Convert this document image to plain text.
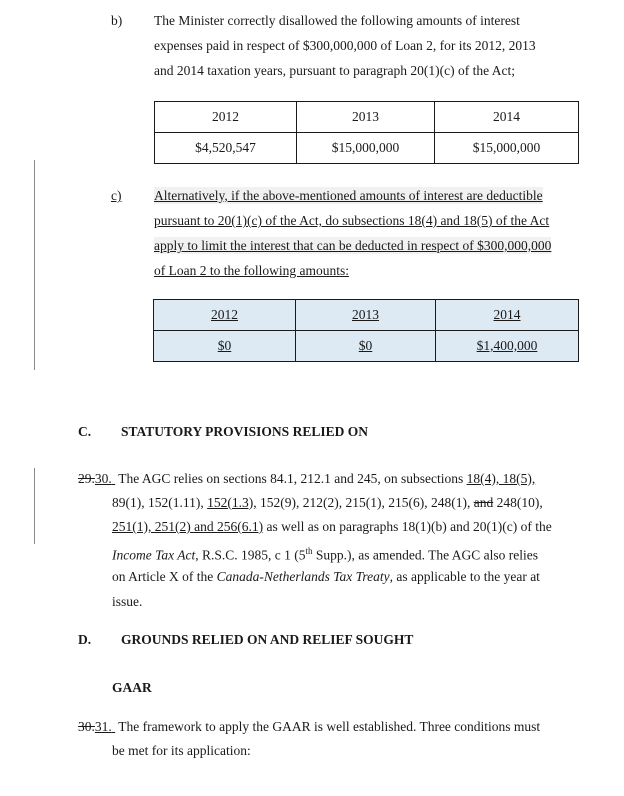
b) The Minister correctly disallowed the following amounts of interest
expenses paid in respect of $300,000,000 of Loan 2, for its 2012, 2013
and 2014 taxation years, pursuant to paragraph 20(1)(c) of the Act;
2012	2013	2014
$4,520,547	$15,000,000	$15,000,000
c) Alternatively, if the above-mentioned amounts of interest are deductible
pursuant to 20(1)(c) of the Act, do subsections 18(4) and 18(5) of the Act
apply to limit the interest that can be deducted in respect of $300,000,000
of Loan 2 to the following amounts:
2012	2013	2014
$0	$0	$1,400,000
C. STATUTORY PROVISIONS RELIED ON
29.30. The AGC relies on sections 84.1, 212.1 and 245, on subsections 18(4), 18(5),
89(1), 152(1.11), 152(1.3), 152(9), 212(2), 215(1), 215(6), 248(1), and 248(10),
251(1), 251(2) and 256(6.1) as well as on paragraphs 18(1)(b) and 20(1)(c) of the
Income Tax Act, R.S.C. 1985, c 1 (5th Supp.), as amended. The AGC also relies
on Article X of the Canada-Netherlands Tax Treaty, as applicable to the year at
issue.
D. GROUNDS RELIED ON AND RELIEF SOUGHT
GAAR
30.31. The framework to apply the GAAR is well established. Three conditions must
be met for its application:
